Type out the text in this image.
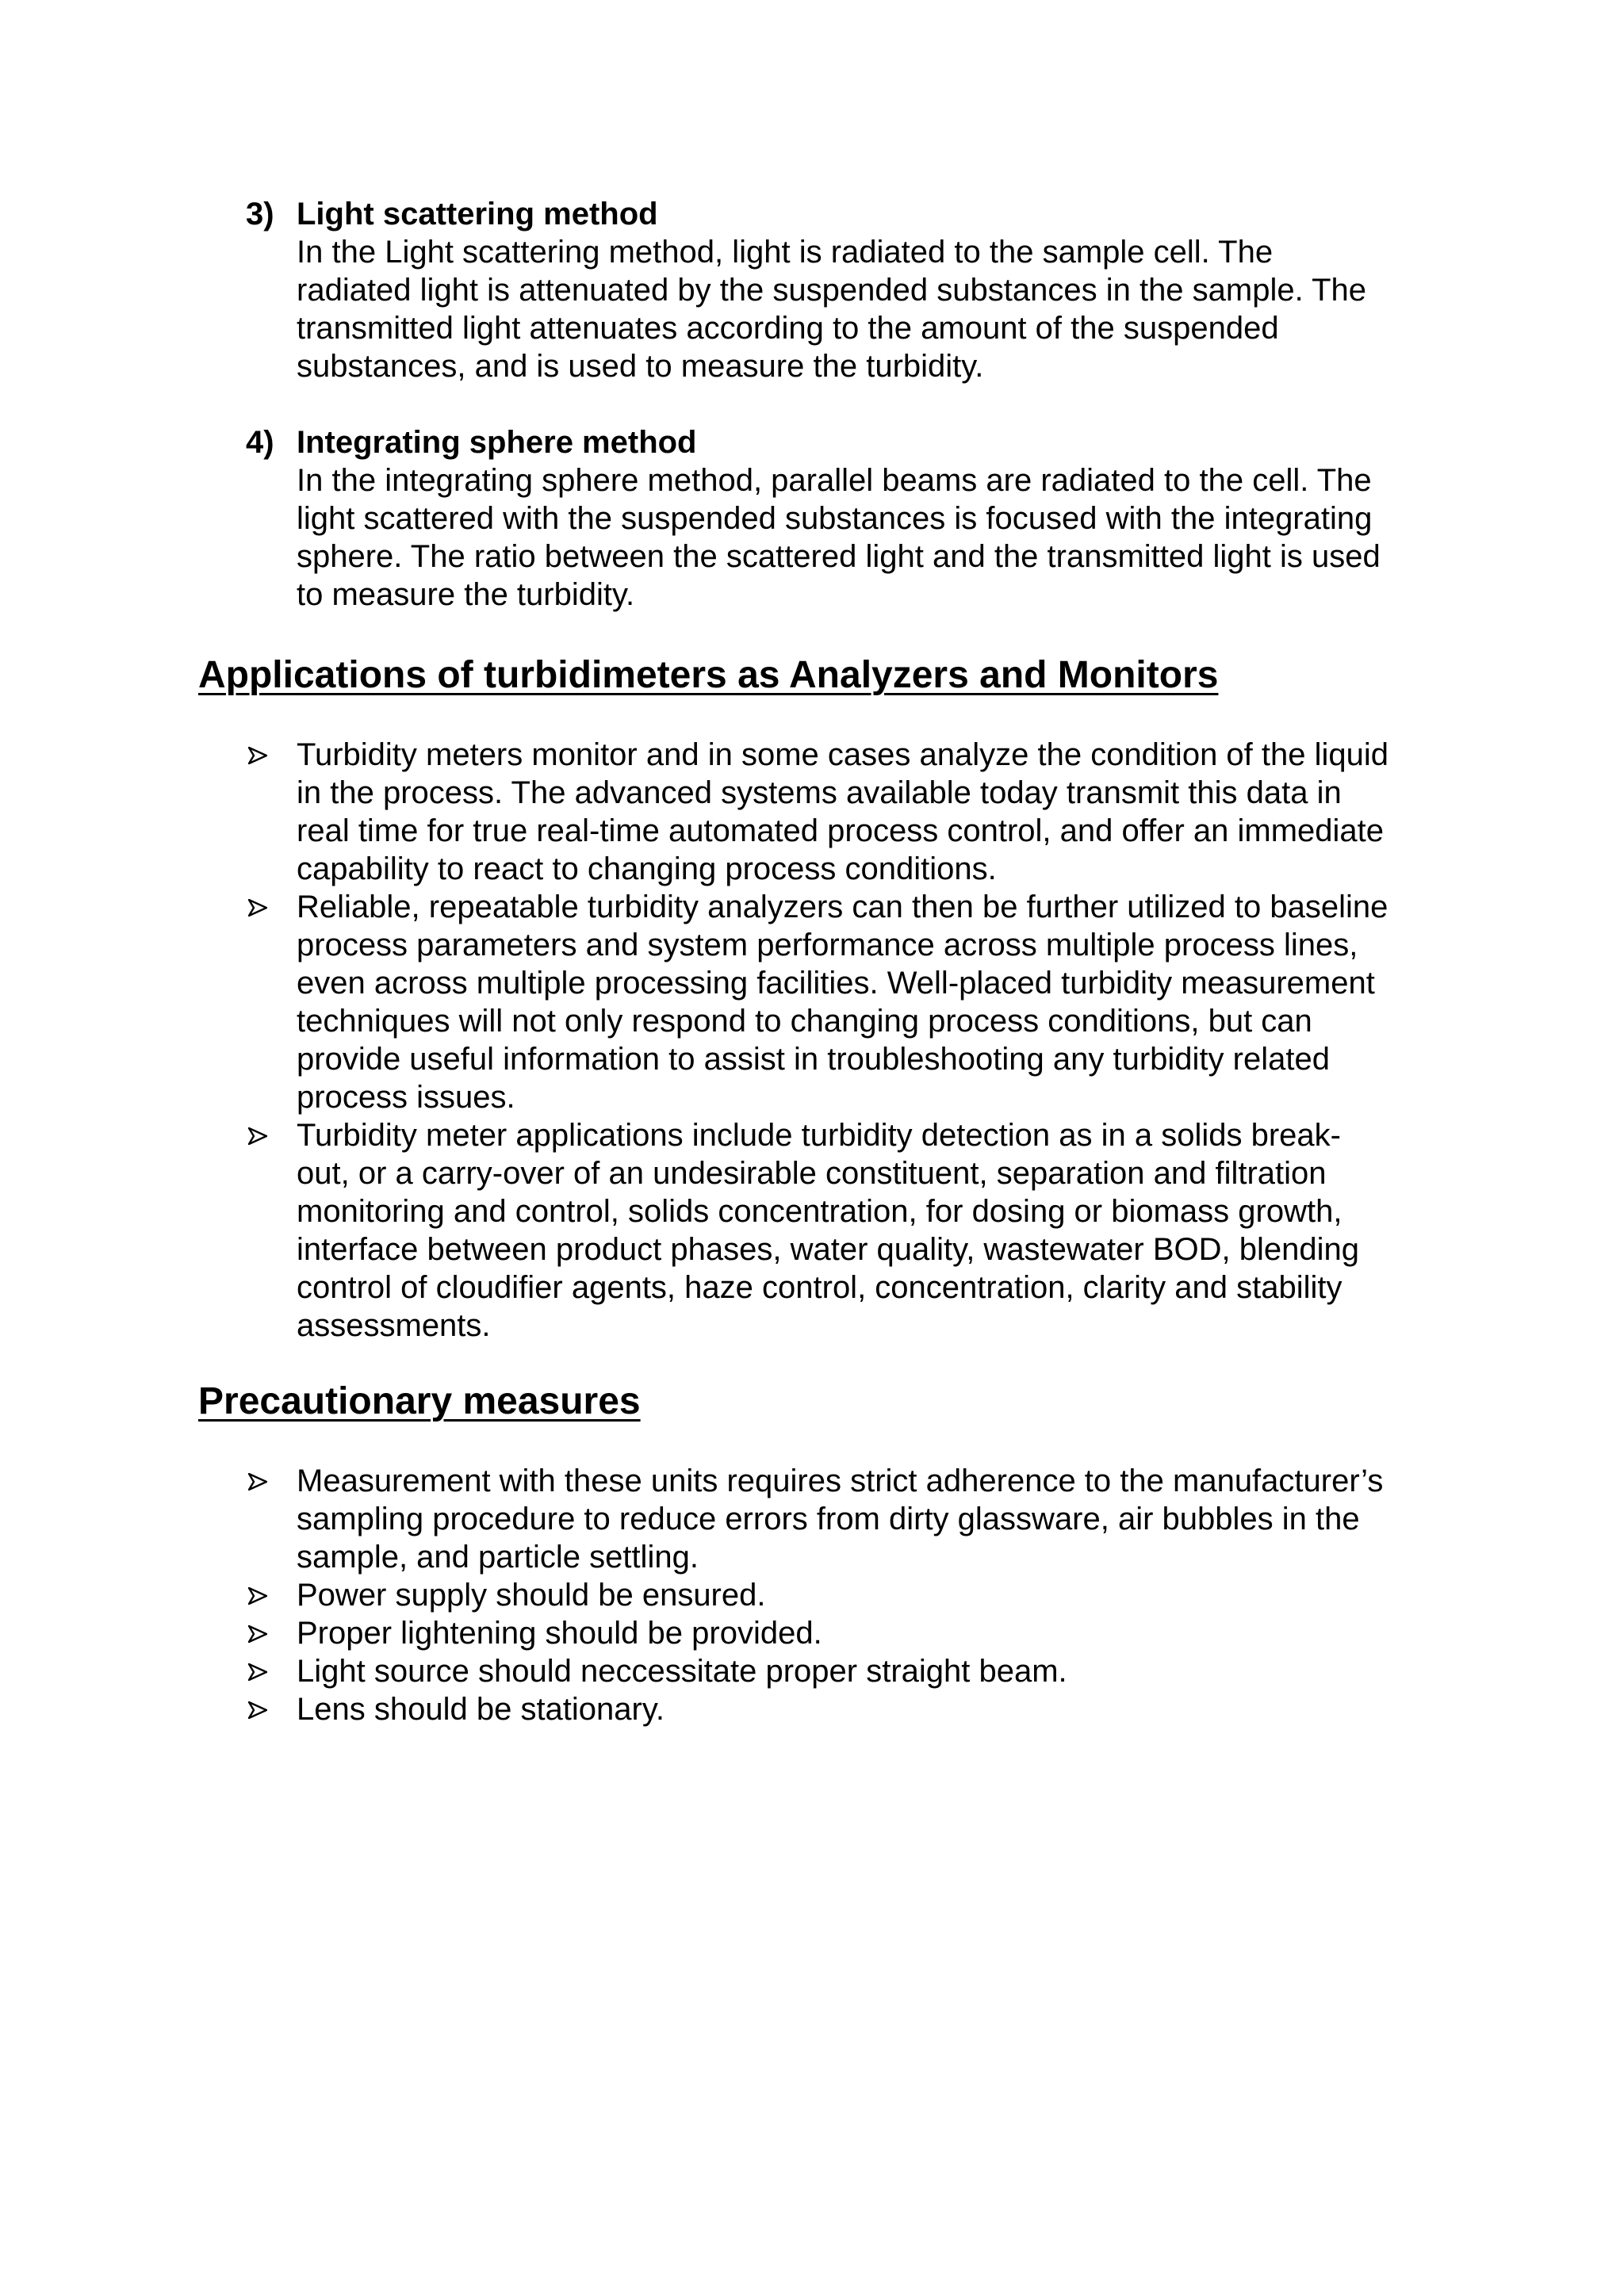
3) Light scattering method
In the Light scattering method, light is radiated to the sample cell. The
radiated light is attenuated by the suspended substances in the sample. The
transmitted light attenuates according to the amount of the suspended
substances, and is used to measure the turbidity.
4) Integrating sphere method
In the integrating sphere method, parallel beams are radiated to the cell. The
light scattered with the suspended substances is focused with the integrating
sphere. The ratio between the scattered light and the transmitted light is used
to measure the turbidity.
Applications of turbidimeters as Analyzers and Monitors
Turbidity meters monitor and in some cases analyze the condition of the liquid
in the process. The advanced systems available today transmit this data in
real time for true real-time automated process control, and offer an immediate
capability to react to changing process conditions.
Reliable, repeatable turbidity analyzers can then be further utilized to baseline
process parameters and system performance across multiple process lines,
even across multiple processing facilities. Well-placed turbidity measurement
techniques will not only respond to changing process conditions, but can
provide useful information to assist in troubleshooting any turbidity related
process issues.
Turbidity meter applications include turbidity detection as in a solids break-
out, or a carry-over of an undesirable constituent, separation and filtration
monitoring and control, solids concentration, for dosing or biomass growth,
interface between product phases, water quality, wastewater BOD, blending
control of cloudifier agents, haze control, concentration, clarity and stability
assessments.
Precautionary measures
Measurement with these units requires strict adherence to the manufacturer’s
sampling procedure to reduce errors from dirty glassware, air bubbles in the
sample, and particle settling.
Power supply should be ensured.
Proper lightening should be provided.
Light source should neccessitate proper straight beam.
Lens should be stationary.
